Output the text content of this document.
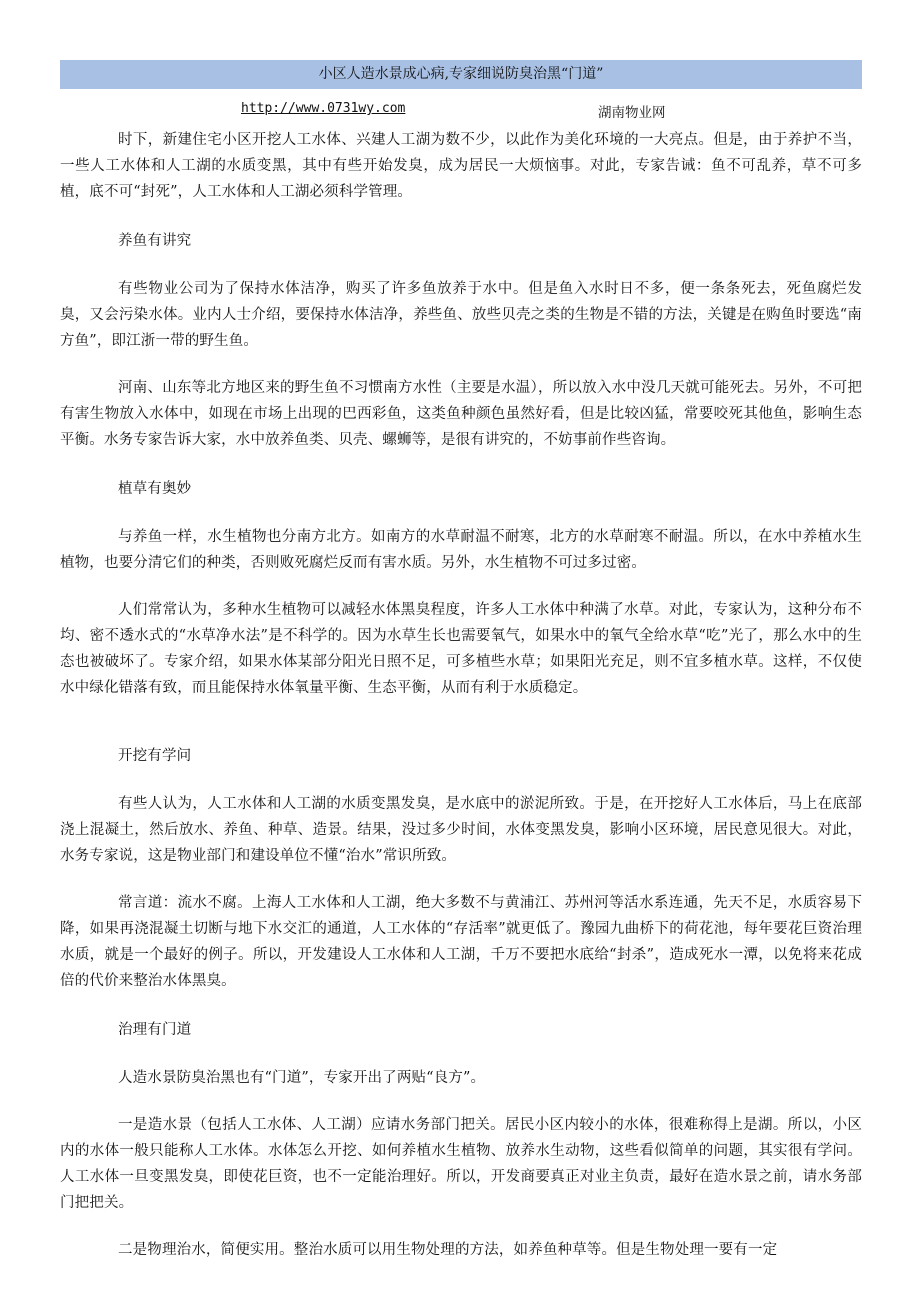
小区人造水景成心病,专家细说防臭治黑“门道”
http://www.0731wy.com	湖南物业网

时下，新建住宅小区开挖人工水体、兴建人工湖为数不少，以此作为美化环境的一大亮点。但是，由于养护不当，一些人工水体和人工湖的水质变黑，其中有些开始发臭，成为居民一大烦恼事。对此，专家告诫：鱼不可乱养，草不可多植，底不可“封死”，人工水体和人工湖必须科学管理。

养鱼有讲究

有些物业公司为了保持水体洁净，购买了许多鱼放养于水中。但是鱼入水时日不多，便一条条死去，死鱼腐烂发臭，又会污染水体。业内人士介绍，要保持水体洁净，养些鱼、放些贝壳之类的生物是不错的方法，关键是在购鱼时要选“南方鱼”，即江浙一带的野生鱼。

河南、山东等北方地区来的野生鱼不习惯南方水性（主要是水温），所以放入水中没几天就可能死去。另外，不可把有害生物放入水体中，如现在市场上出现的巴西彩鱼，这类鱼种颜色虽然好看，但是比较凶猛，常要咬死其他鱼，影响生态平衡。水务专家告诉大家，水中放养鱼类、贝壳、螺蛳等，是很有讲究的，不妨事前作些咨询。

植草有奥妙

与养鱼一样，水生植物也分南方北方。如南方的水草耐温不耐寒，北方的水草耐寒不耐温。所以，在水中养植水生植物，也要分清它们的种类，否则败死腐烂反而有害水质。另外，水生植物不可过多过密。

人们常常认为，多种水生植物可以减轻水体黑臭程度，许多人工水体中种满了水草。对此，专家认为，这种分布不均、密不透水式的“水草净水法”是不科学的。因为水草生长也需要氧气，如果水中的氧气全给水草“吃”光了，那么水中的生态也被破坏了。专家介绍，如果水体某部分阳光日照不足，可多植些水草；如果阳光充足，则不宜多植水草。这样，不仅使水中绿化错落有致，而且能保持水体氧量平衡、生态平衡，从而有利于水质稳定。

开挖有学问

有些人认为，人工水体和人工湖的水质变黑发臭，是水底中的淤泥所致。于是，在开挖好人工水体后，马上在底部浇上混凝土，然后放水、养鱼、种草、造景。结果，没过多少时间，水体变黑发臭，影响小区环境，居民意见很大。对此，水务专家说，这是物业部门和建设单位不懂“治水”常识所致。

常言道：流水不腐。上海人工水体和人工湖，绝大多数不与黄浦江、苏州河等活水系连通，先天不足，水质容易下降，如果再浇混凝土切断与地下水交汇的通道，人工水体的“存活率”就更低了。豫园九曲桥下的荷花池，每年要花巨资治理水质，就是一个最好的例子。所以，开发建设人工水体和人工湖，千万不要把水底给“封杀”，造成死水一潭，以免将来花成倍的代价来整治水体黑臭。

治理有门道

人造水景防臭治黑也有“门道”，专家开出了两贴“良方”。

一是造水景（包括人工水体、人工湖）应请水务部门把关。居民小区内较小的水体，很难称得上是湖。所以，小区内的水体一般只能称人工水体。水体怎么开挖、如何养植水生植物、放养水生动物，这些看似简单的问题，其实很有学问。人工水体一旦变黑发臭，即使花巨资，也不一定能治理好。所以，开发商要真正对业主负责，最好在造水景之前，请水务部门把把关。

二是物理治水，简便实用。整治水质可以用生物处理的方法，如养鱼种草等。但是生物处理一要有一定
